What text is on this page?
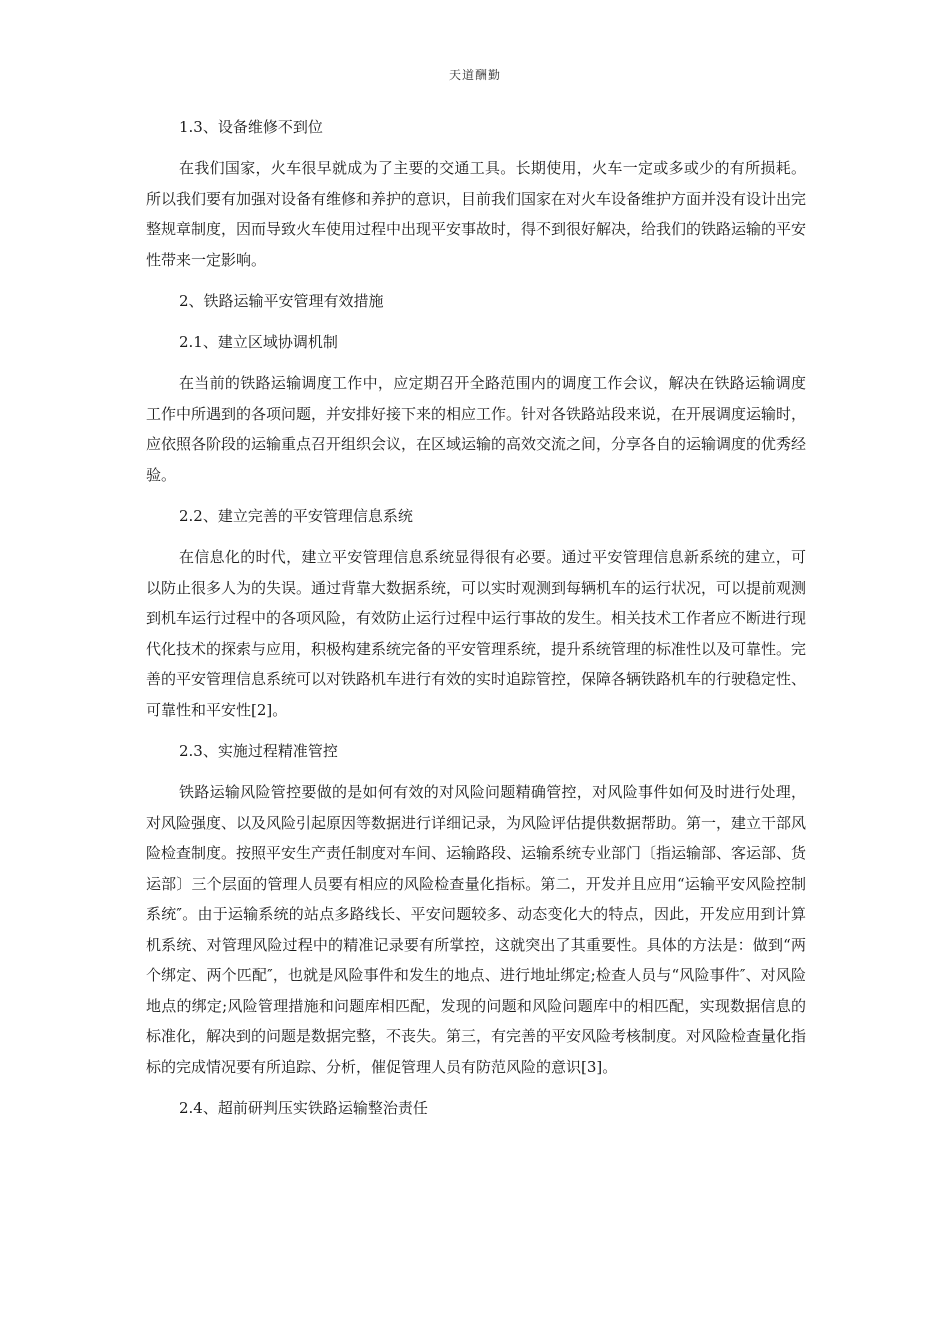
天道酬勤
1.3、设备维修不到位
在我们国家，火车很早就成为了主要的交通工具。长期使用，火车一定或多或少的有所损耗。所以我们要有加强对设备有维修和养护的意识，目前我们国家在对火车设备维护方面并没有设计出完整规章制度，因而导致火车使用过程中出现平安事故时，得不到很好解决，给我们的铁路运输的平安性带来一定影响。
2、铁路运输平安管理有效措施
2.1、建立区域协调机制
在当前的铁路运输调度工作中，应定期召开全路范围内的调度工作会议，解决在铁路运输调度工作中所遇到的各项问题，并安排好接下来的相应工作。针对各铁路站段来说，在开展调度运输时，应依照各阶段的运输重点召开组织会议，在区域运输的高效交流之间，分享各自的运输调度的优秀经验。
2.2、建立完善的平安管理信息系统
在信息化的时代，建立平安管理信息系统显得很有必要。通过平安管理信息新系统的建立，可以防止很多人为的失误。通过背靠大数据系统，可以实时观测到每辆机车的运行状况，可以提前观测到机车运行过程中的各项风险，有效防止运行过程中运行事故的发生。相关技术工作者应不断进行现代化技术的探索与应用，积极构建系统完备的平安管理系统，提升系统管理的标准性以及可靠性。完善的平安管理信息系统可以对铁路机车进行有效的实时追踪管控，保障各辆铁路机车的行驶稳定性、可靠性和平安性[2]。
2.3、实施过程精准管控
铁路运输风险管控要做的是如何有效的对风险问题精确管控，对风险事件如何及时进行处理，对风险强度、以及风险引起原因等数据进行详细记录，为风险评估提供数据帮助。第一，建立干部风险检查制度。按照平安生产责任制度对车间、运输路段、运输系统专业部门〔指运输部、客运部、货运部〕三个层面的管理人员要有相应的风险检查量化指标。第二，开发并且应用“运输平安风险控制系统″。由于运输系统的站点多路线长、平安问题较多、动态变化大的特点，因此，开发应用到计算机系统、对管理风险过程中的精准记录要有所掌控，这就突出了其重要性。具体的方法是：做到“两个绑定、两个匹配″，也就是风险事件和发生的地点、进行地址绑定;检查人员与“风险事件″、对风险地点的绑定;风险管理措施和问题库相匹配，发现的问题和风险问题库中的相匹配，实现数据信息的标准化，解决到的问题是数据完整，不丧失。第三，有完善的平安风险考核制度。对风险检查量化指标的完成情况要有所追踪、分析，催促管理人员有防范风险的意识[3]。
2.4、超前研判压实铁路运输整治责任
